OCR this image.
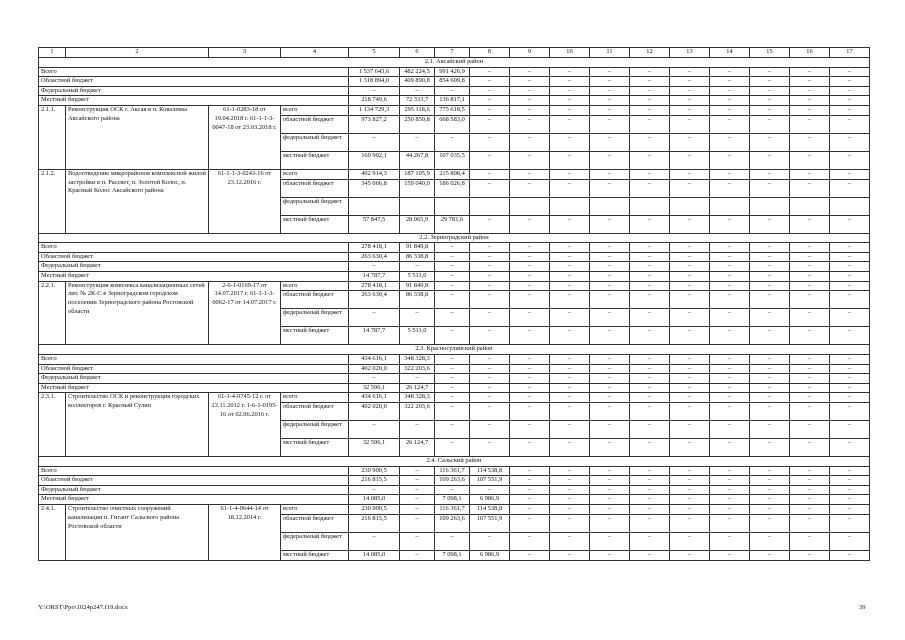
1	2	3	4	5	6	7	8	9	10	11	12	13	14	15	16	17
2.1. Аксайский район																
Всего				1 537 643,6	482 224,5	991 426,9	–	–	–	–	–	–	–	–	–	–
Областной бюджет				1 318 894,0	409 890,8	854 609,8	–	–	–	–	–	–	–	–	–	–
Федеральный бюджет				–	–	–	–	–	–	–	–	–	–	–	–	–
Местный бюджет				218 749,6	72 333,7	136 817,1	–	–	–	–	–	–	–	–	–	–
2.1.1.	Реконструкция ОСК г. Аксая в п. Ковалевка Аксайского района	61-1-0283-18 от 19.04.2018 г. 61-1-1-3-0047-18 от 23.03.2018 г.	всего	1 134 729,3	295 118,6	775 618,5	–	–	–	–	–	–	–	–	–	–
			областной бюджет	973 827,2	250 850,8	668 583,0	–	–	–	–	–	–	–	–	–	–
			федеральный бюджет	–	–	–	–	–	–	–	–	–	–	–	–	–
			местный бюджет	160 902,1	44 267,8	107 035,5	–	–	–	–	–	–	–	–	–	–
2.1.2.	Водоотведение микрорайонов комплексной жилой застройки в п. Рассвет, п. Золотой Колос, п. Красный Колос Аксайского района	61-1-1-3-0243-16 от 23.12.2016 г.	всего	402 914,3	187 105,9	215 808,4	–	–	–	–	–	–	–	–	–	–
			областной бюджет	345 066,8	159 040,0	186 026,8	–	–	–	–	–	–	–	–	–	–
			федеральный бюджет													
			местный бюджет	57 847,5	28 065,9	29 781,6	–	–	–	–	–	–	–	–	–	–
2.2. Зерноградский район																
Всего				278 418,1	91 849,8	–	–	–	–	–	–	–	–	–	–	–
Областной бюджет				263 630,4	86 338,8	–	–	–	–	–	–	–	–	–	–	–
Федеральный бюджет				–	–	–	–	–	–	–	–	–	–	–	–	–
Местный бюджет				14 787,7	5 511,0	–	–	–	–	–	–	–	–	–	–	–
2.2.1.	Реконструкция комплекса канализационных сетей лит. № 2К-С в Зерноградском городском поселении Зерноградского района Ростовской области	2-6-1-0169-17 от 14.07.2017 г. 61-1-1-3-0062-17 от 14.07.2017 г.	всего	278 418,1	91 849,8	–	–	–	–	–	–	–	–	–	–	–
			областной бюджет	263 630,4	86 338,8	–	–	–	–	–	–	–	–	–	–	–
			федеральный бюджет	–	–	–	–	–	–	–	–	–	–	–	–	–
			местный бюджет	14 787,7	5 511,0	–	–	–	–	–	–	–	–	–	–	–
2.3. Красносулинский район																
Всего				434 616,1	348 328,3	–	–	–	–	–	–	–	–	–	–	–
Областной бюджет				402 020,0	322 203,6	–	–	–	–	–	–	–	–	–	–	–
Федеральный бюджет				–	–	–	–	–	–	–	–	–	–	–	–	–
Местный бюджет				32 596,1	26 124,7	–	–	–	–	–	–	–	–	–	–	–
2.3.1.	Строительство ОСК и реконструкция городских коллекторов г. Красный Сулин	61-1-4-0745-12 г. от 23.11.2012 г. 1-6-1-0195-16 от 02.06.2016 г.	всего	434 616,1	348 328,3	–	–	–	–	–	–	–	–	–	–	–
			областной бюджет	402 020,0	322 203,6	–	–	–	–	–	–	–	–	–	–	–
			федеральный бюджет	–	–	–	–	–	–	–	–	–	–	–	–	–
			местный бюджет	32 596,1	26 124,7	–	–	–	–	–	–	–	–	–	–	–
2.4. Сальский район																
Всего				230 900,5	–	116 361,7	114 538,8	–	–	–	–	–	–	–	–	–
Областной бюджет				216 815,5	–	109 263,6	107 551,9	–	–	–	–	–	–	–	–	–
Федеральный бюджет				–	–	–	–	–	–	–	–	–	–	–	–	–
Местный бюджет				14 085,0	–	7 098,1	6 986,9	–	–	–	–	–	–	–	–	–
2.4.1.	Строительство очистных сооружений канализации п. Гигант Сальского района Ростовской области	61-1-4-0644-14 от 18.12.2014 г.	всего	230 900,5	–	116 361,7	114 538,8	–	–	–	–	–	–	–	–	–
			областной бюджет	216 815,5	–	109 263,6	107 551,9	–	–	–	–	–	–	–	–	–
			федеральный бюджет	–	–	–	–	–	–	–	–	–	–	–	–	–
			местный бюджет	14 085,0	–	7 098,1	6 986,9	–	–	–	–	–	–	–	–	–
Y:\ORST\Ppo\1024p247.f19.docx	39
